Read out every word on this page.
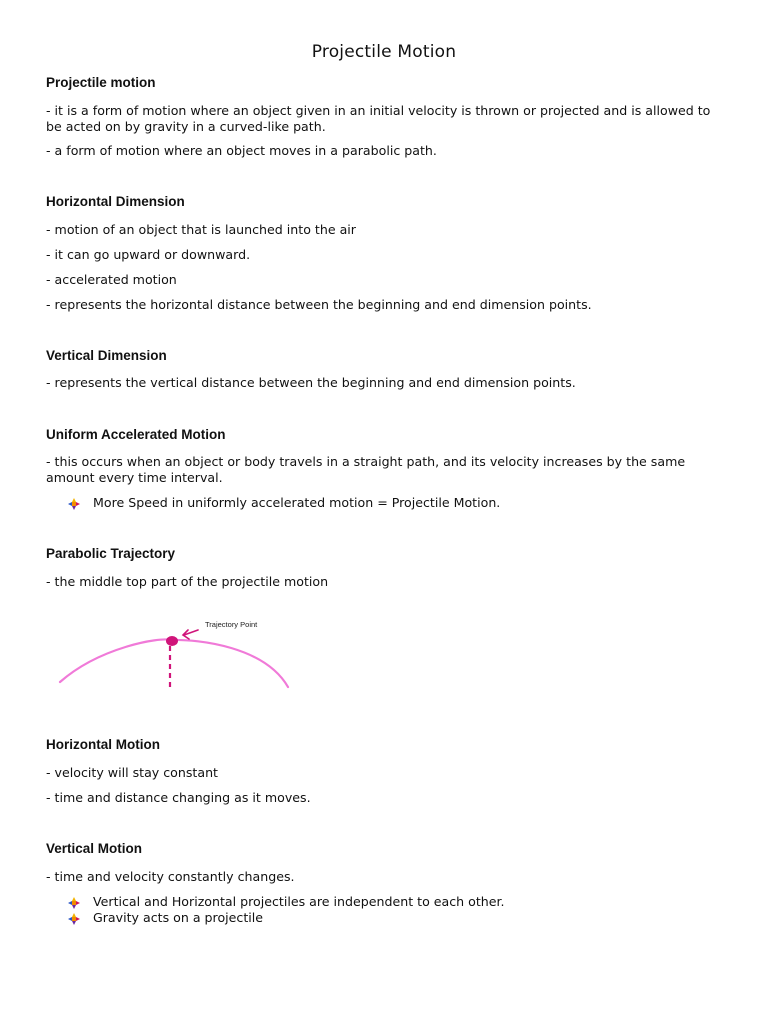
Projectile Motion
Projectile motion
- it is a form of motion where an object given in an initial velocity is thrown or projected and is allowed to be acted on by gravity in a curved-like path.
- a form of motion where an object moves in a parabolic path.
Horizontal Dimension
- motion of an object that is launched into the air
- it can go upward or downward.
- accelerated motion
- represents the horizontal distance between the beginning and end dimension points.
Vertical Dimension
- represents the vertical distance between the beginning and end dimension points.
Uniform Accelerated Motion
- this occurs when an object or body travels in a straight path, and its velocity increases by the same amount every time interval.
More Speed in uniformly accelerated motion = Projectile Motion.
Parabolic Trajectory
- the middle top part of the projectile motion
Trajectory Point
Horizontal Motion
- velocity will stay constant
- time and distance changing as it moves.
Vertical Motion
- time and velocity constantly changes.
Vertical and Horizontal projectiles are independent to each other.
Gravity acts on a projectile
